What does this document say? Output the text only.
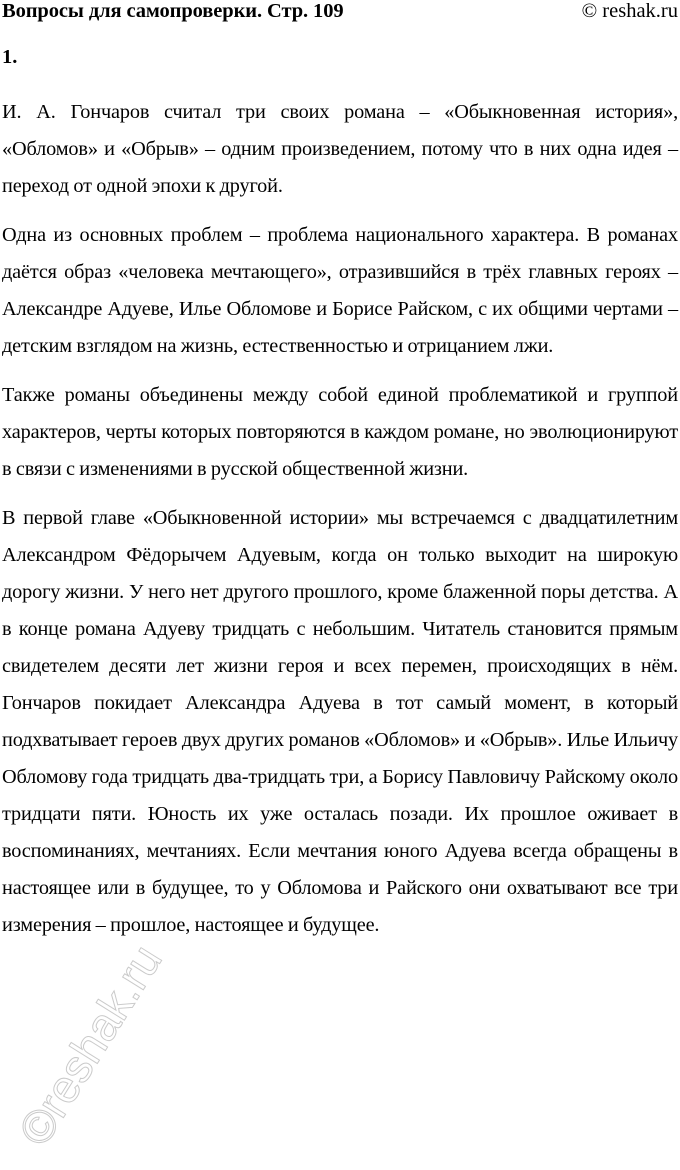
Вопросы для самопроверки. Стр. 109	© reshak.ru
1.

И. А. Гончаров считал три своих романа – «Обыкновенная история», «Обломов» и «Обрыв» – одним произведением, потому что в них одна идея – переход от одной эпохи к другой.

Одна из основных проблем – проблема национального характера. В романах даётся образ «человека мечтающего», отразившийся в трёх главных героях – Александре Адуеве, Илье Обломове и Борисе Райском, с их общими чертами – детским взглядом на жизнь, естественностью и отрицанием лжи.

Также романы объединены между собой единой проблематикой и группой характеров, черты которых повторяются в каждом романе, но эволюционируют в связи с изменениями в русской общественной жизни.

В первой главе «Обыкновенной истории» мы встречаемся с двадцатилетним Александром Фёдорычем Адуевым, когда он только выходит на широкую дорогу жизни. У него нет другого прошлого, кроме блаженной поры детства. А в конце романа Адуеву тридцать с небольшим. Читатель становится прямым свидетелем десяти лет жизни героя и всех перемен, происходящих в нём. Гончаров покидает Александра Адуева в тот самый момент, в который подхватывает героев двух других романов «Обломов» и «Обрыв». Илье Ильичу Обломову года тридцать два-тридцать три, а Борису Павловичу Райскому около тридцати пяти. Юность их уже осталась позади. Их прошлое оживает в воспоминаниях, мечтаниях. Если мечтания юного Адуева всегда обращены в настоящее или в будущее, то у Обломова и Райского они охватывают все три измерения – прошлое, настоящее и будущее.

©reshak.ru
